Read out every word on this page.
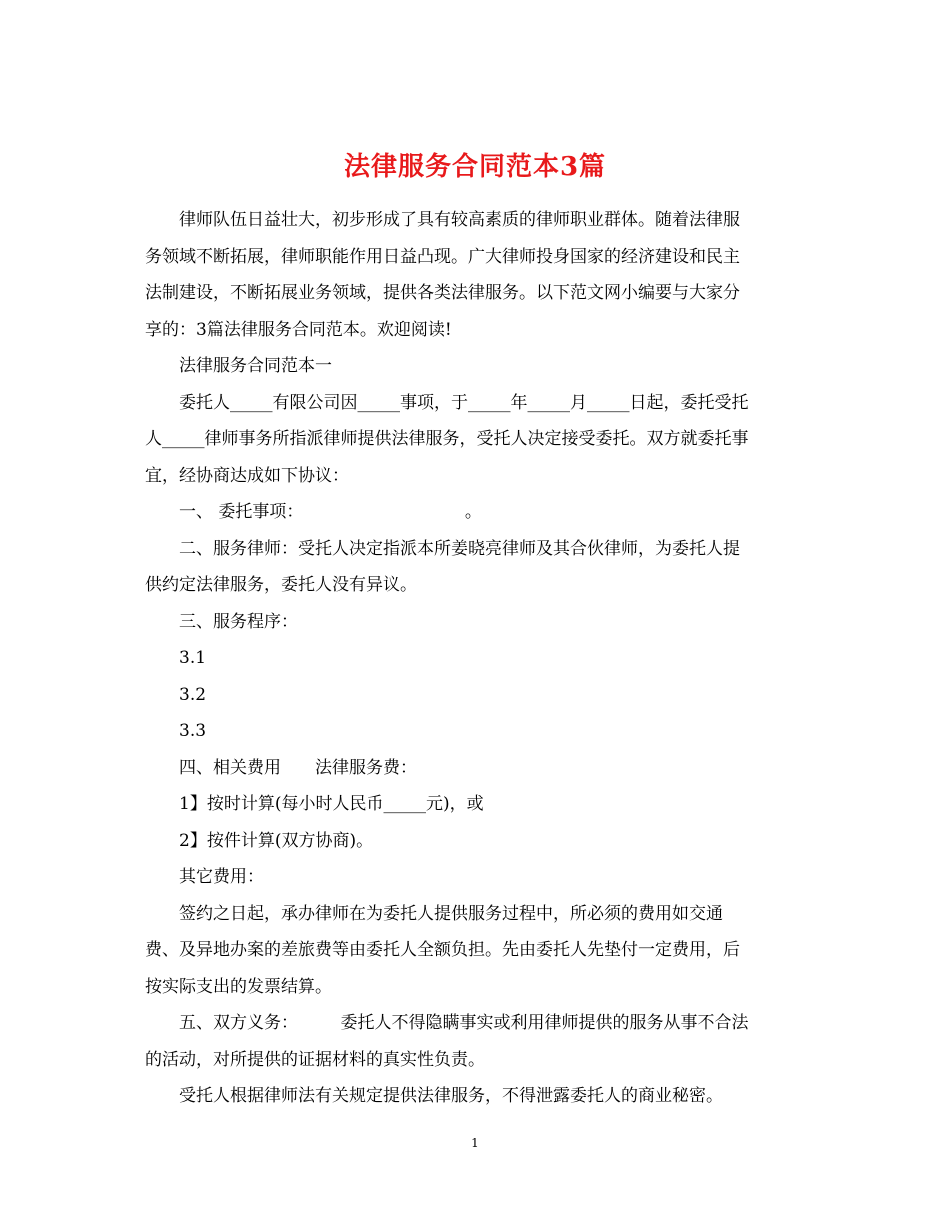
法律服务合同范本3篇

　　律师队伍日益壮大，初步形成了具有较高素质的律师职业群体。随着法律服

务领域不断拓展，律师职能作用日益凸现。广大律师投身国家的经济建设和民主

法制建设，不断拓展业务领域，提供各类法律服务。以下范文网小编要与大家分

享的：3篇法律服务合同范本。欢迎阅读!

　　法律服务合同范本一

　　委托人_____有限公司因_____事项，于_____年_____月_____日起，委托受托

人_____律师事务所指派律师提供法律服务，受托人决定接受委托。双方就委托事

宜，经协商达成如下协议：

　　一、 委托事项：　　　　　　　　　　。

　　二、服务律师：受托人决定指派本所姜晓亮律师及其合伙律师，为委托人提

供约定法律服务，委托人没有异议。

　　三、服务程序：

　　3.1

　　3.2

　　3.3

　　四、相关费用　　法律服务费：

　　1】按时计算(每小时人民币_____元)，或

　　2】按件计算(双方协商)。

　　其它费用：

　　签约之日起，承办律师在为委托人提供服务过程中，所必须的费用如交通

费、及异地办案的差旅费等由委托人全额负担。先由委托人先垫付一定费用，后

按实际支出的发票结算。

　　五、双方义务：　　　委托人不得隐瞒事实或利用律师提供的服务从事不合法

的活动，对所提供的证据材料的真实性负责。

　　受托人根据律师法有关规定提供法律服务，不得泄露委托人的商业秘密。

1
